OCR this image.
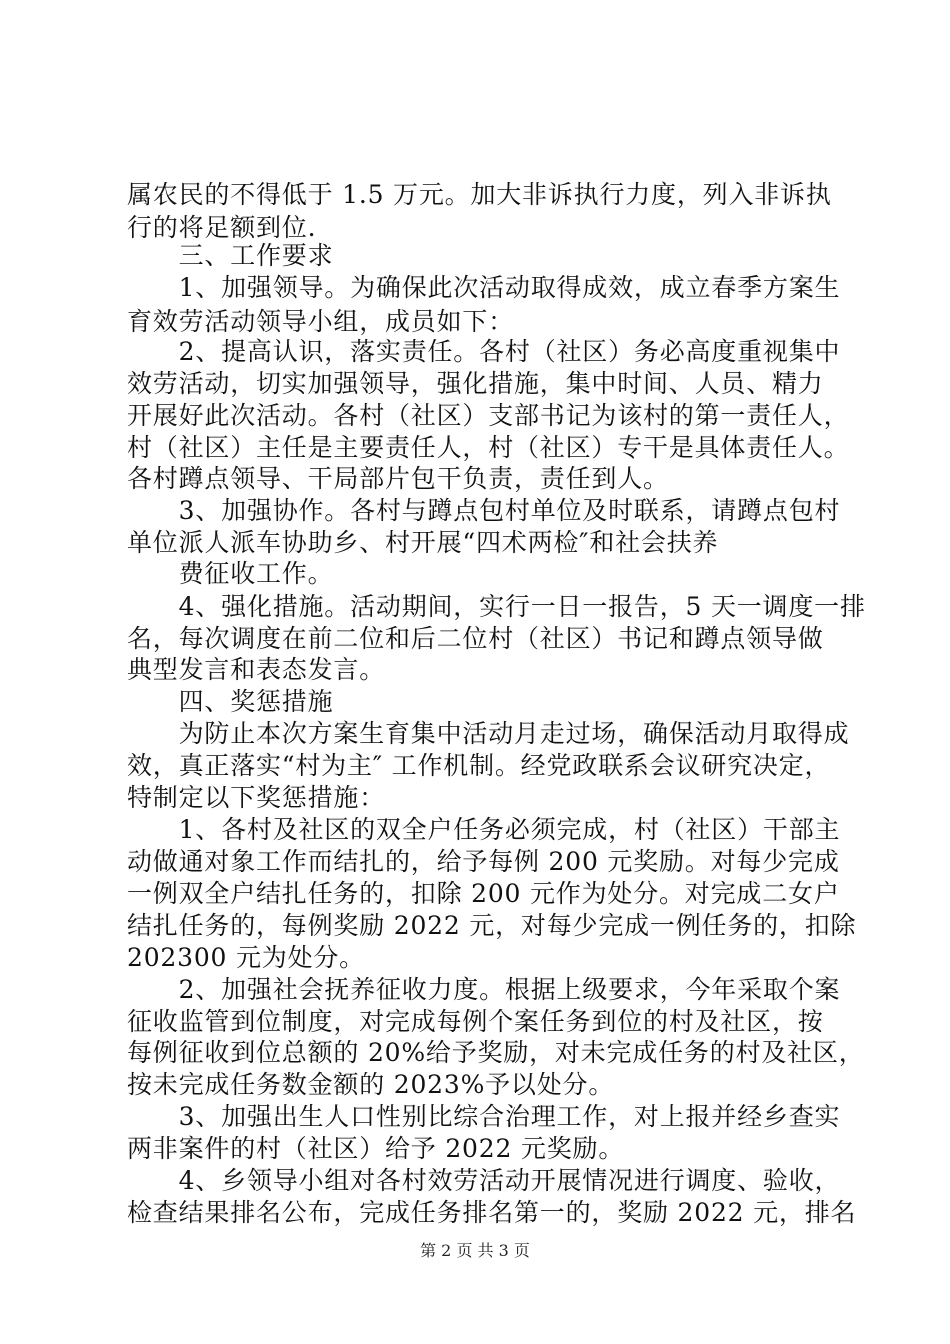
属农民的不得低于 1.5 万元。加大非诉执行力度，列入非诉执
行的将足额到位.
　　三、工作要求
　　1、加强领导。为确保此次活动取得成效，成立春季方案生
育效劳活动领导小组，成员如下：
　　2、提高认识，落实责任。各村（社区）务必高度重视集中
效劳活动，切实加强领导，强化措施，集中时间、人员、精力
开展好此次活动。各村（社区）支部书记为该村的第一责任人，
村（社区）主任是主要责任人，村（社区）专干是具体责任人。
各村蹲点领导、干局部片包干负责，责任到人。
　　3、加强协作。各村与蹲点包村单位及时联系，请蹲点包村
单位派人派车协助乡、村开展“四术两检″和社会扶养
　　费征收工作。
　　4、强化措施。活动期间，实行一日一报告，5 天一调度一排
名，每次调度在前二位和后二位村（社区）书记和蹲点领导做
典型发言和表态发言。
　　四、奖惩措施
　　为防止本次方案生育集中活动月走过场，确保活动月取得成
效，真正落实“村为主″ 工作机制。经党政联系会议研究决定，
特制定以下奖惩措施：
　　1、各村及社区的双全户任务必须完成，村（社区）干部主
动做通对象工作而结扎的，给予每例 200 元奖励。对每少完成
一例双全户结扎任务的，扣除 200 元作为处分。对完成二女户
结扎任务的，每例奖励 2022 元，对每少完成一例任务的，扣除
202300 元为处分。
　　2、加强社会抚养征收力度。根据上级要求，今年采取个案
征收监管到位制度，对完成每例个案任务到位的村及社区，按
每例征收到位总额的 20%给予奖励，对未完成任务的村及社区，
按未完成任务数金额的 2023%予以处分。
　　3、加强出生人口性别比综合治理工作，对上报并经乡查实
两非案件的村（社区）给予 2022 元奖励。
　　4、乡领导小组对各村效劳活动开展情况进行调度、验收，
检查结果排名公布，完成任务排名第一的，奖励 2022 元，排名
第 2 页 共 3 页
